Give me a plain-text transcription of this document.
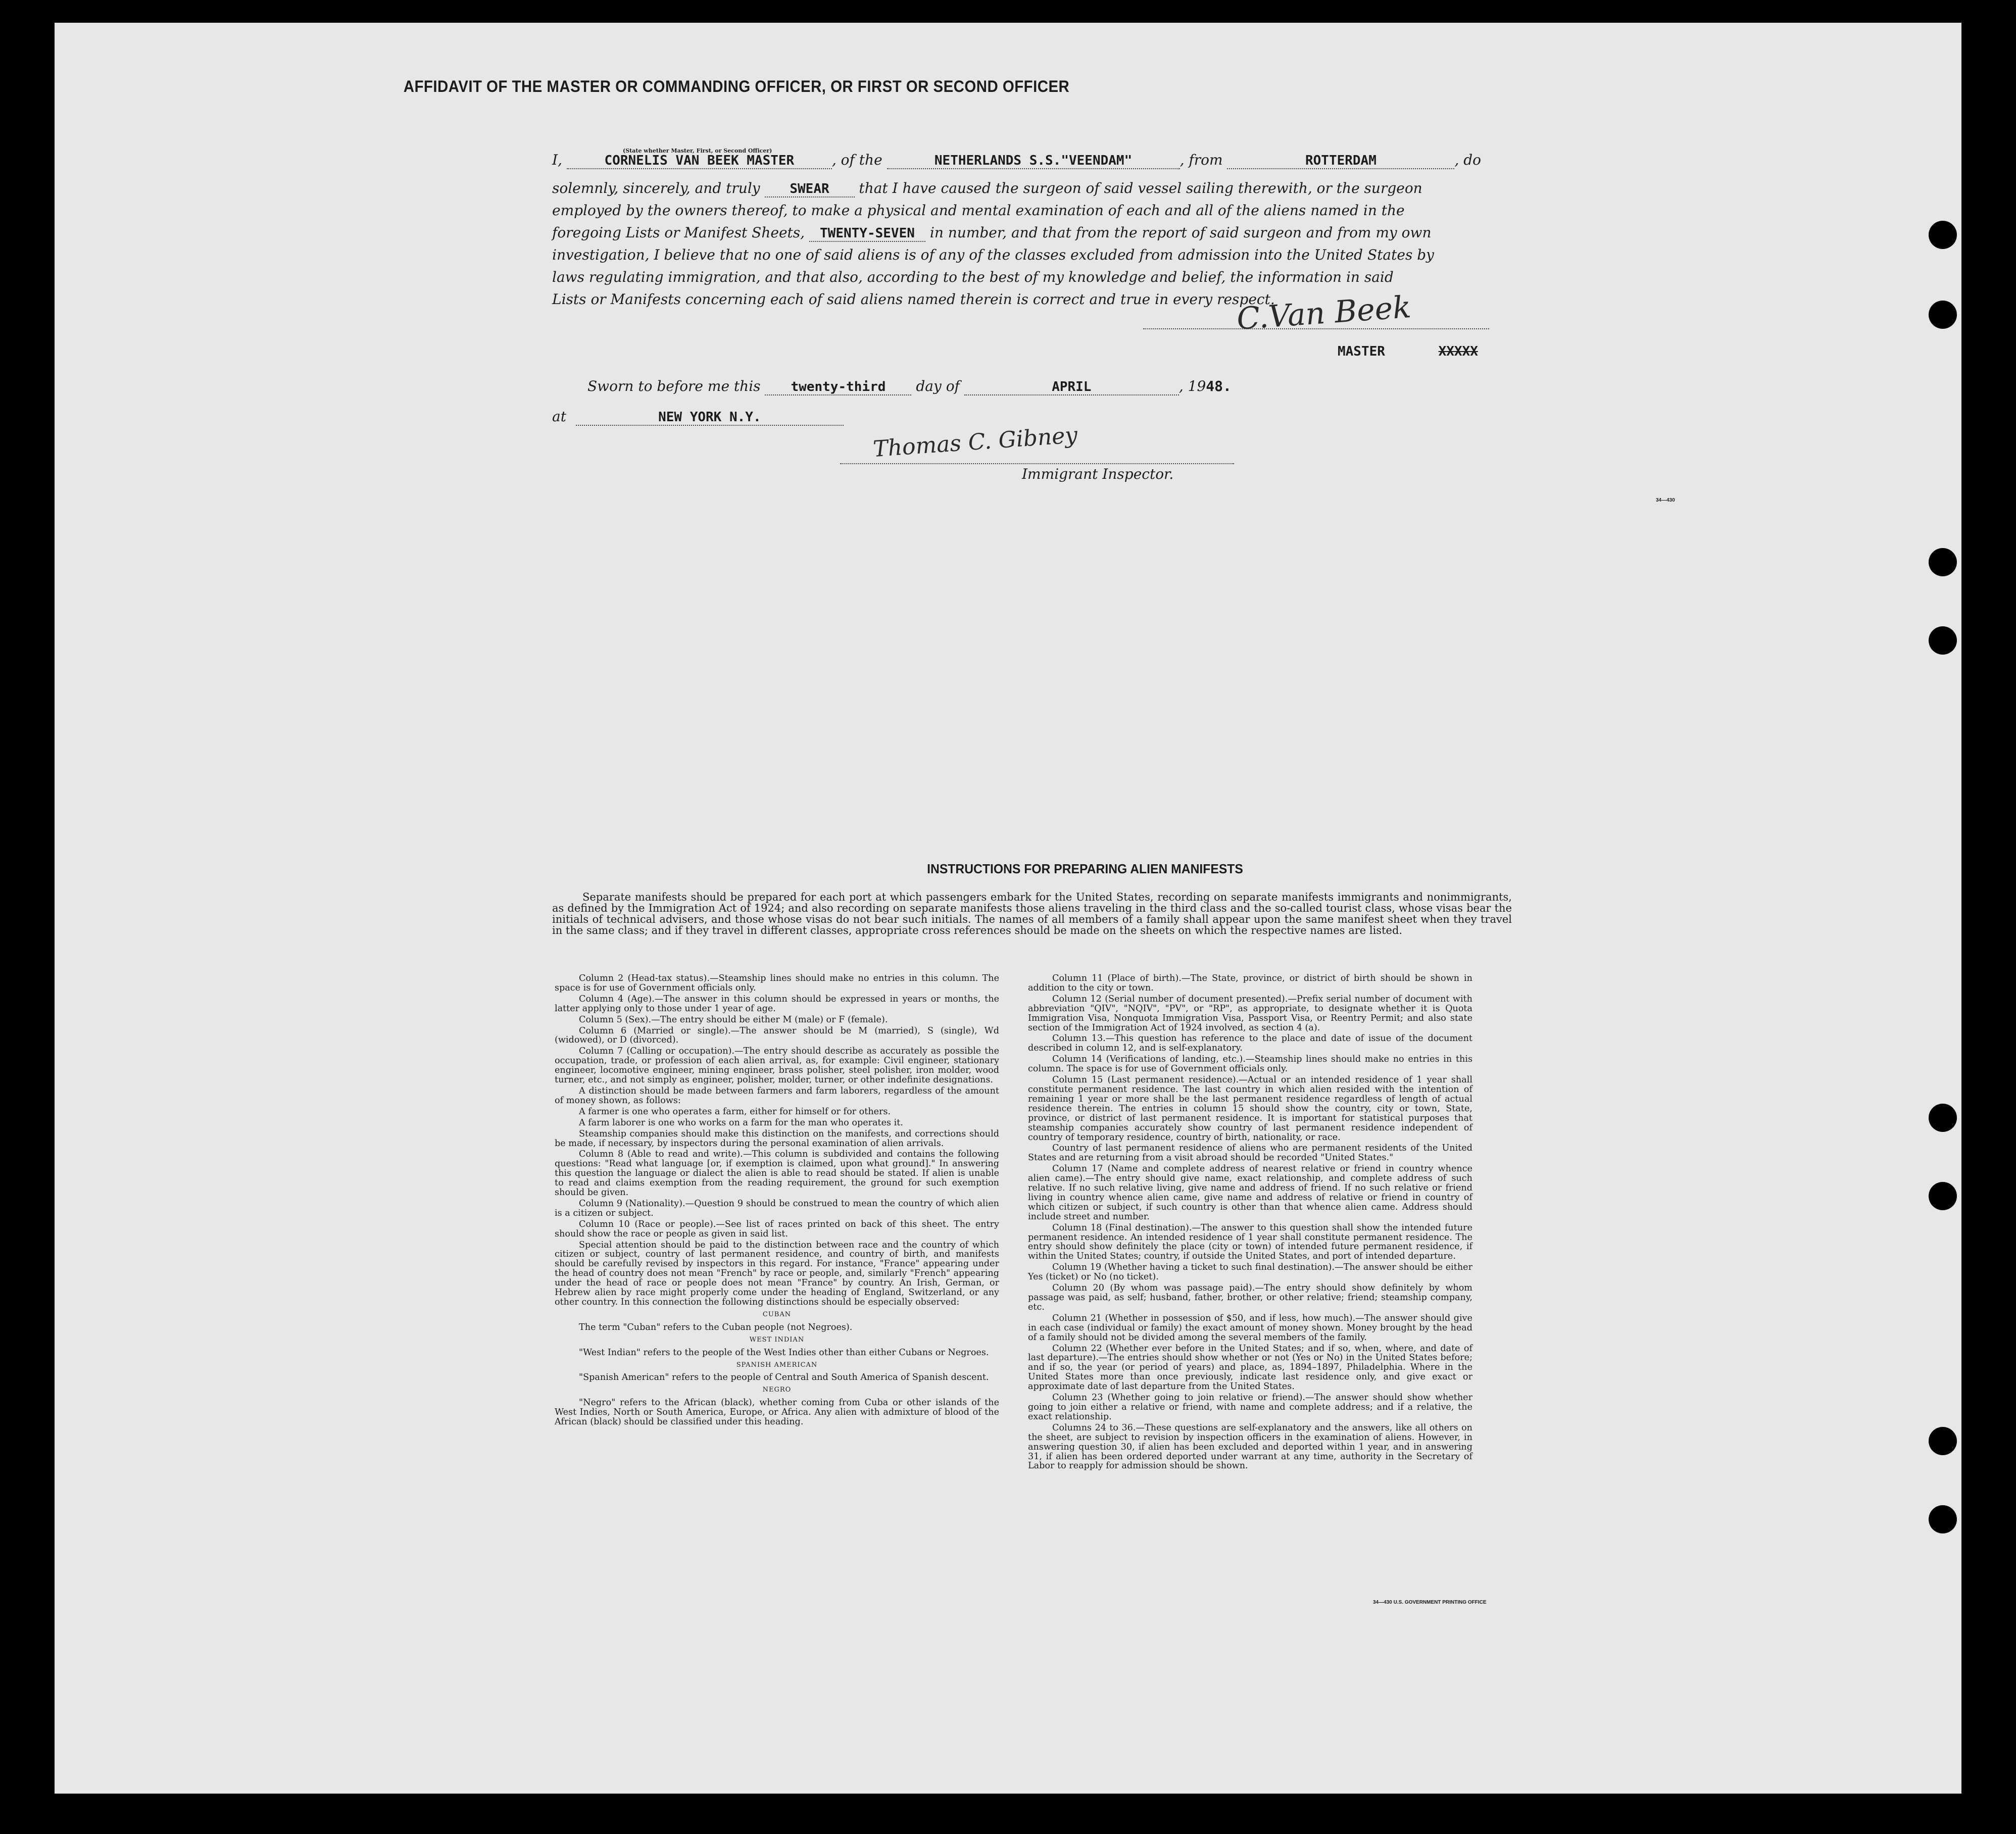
AFFIDAVIT OF THE MASTER OR COMMANDING OFFICER, OR FIRST OR SECOND OFFICER
I,	CORNELIS VAN BEEK MASTER	, of the	NETHERLANDS S.S."VEENDAM"	, from	ROTTERDAM	, do
(State whether Master, First, or Second Officer)
solemnly, sincerely, and truly SWEAR that I have caused the surgeon of said vessel sailing therewith, or the surgeon
employed by the owners thereof, to make a physical and mental examination of each and all of the aliens named in the
foregoing Lists or Manifest Sheets, TWENTY-SEVEN in number, and that from the report of said surgeon and from my own
investigation, I believe that no one of said aliens is of any of the classes excluded from admission into the United States by
laws regulating immigration, and that also, according to the best of my knowledge and belief, the information in said
Lists or Manifests concerning each of said aliens named therein is correct and true in every respect.
C.Van Beek
MASTER	XXXXX
Sworn to before me this twenty-third day of	APRIL	, 1948.
at	NEW YORK N.Y.
Thomas C. Gibney
Immigrant Inspector.
34—430
INSTRUCTIONS FOR PREPARING ALIEN MANIFESTS
Separate manifests should be prepared for each port at which passengers embark for the United States, recording on separate manifests immigrants and nonimmigrants, as defined by the Immigration Act of 1924; and also recording on separate manifests those aliens traveling in the third class and the so-called tourist class, whose visas bear the initials of technical advisers, and those whose visas do not bear such initials. The names of all members of a family shall appear upon the same manifest sheet when they travel in the same class; and if they travel in different classes, appropriate cross references should be made on the sheets on which the respective names are listed.

Column 2 (Head-tax status).—Steamship lines should make no entries in this column. The space is for use of Government officials only.

Column 4 (Age).—The answer in this column should be expressed in years or months, the latter applying only to those under 1 year of age.

Column 5 (Sex).—The entry should be either M (male) or F (female).

Column 6 (Married or single).—The answer should be M (married), S (single), Wd (widowed), or D (divorced).

Column 7 (Calling or occupation).—The entry should describe as accurately as possible the occupation, trade, or profession of each alien arrival, as, for example: Civil engineer, stationary engineer, locomotive engineer, mining engineer, brass polisher, steel polisher, iron molder, wood turner, etc., and not simply as engineer, polisher, molder, turner, or other indefinite designations.

A distinction should be made between farmers and farm laborers, regardless of the amount of money shown, as follows:

A farmer is one who operates a farm, either for himself or for others.

A farm laborer is one who works on a farm for the man who operates it.

Steamship companies should make this distinction on the manifests, and corrections should be made, if necessary, by inspectors during the personal examination of alien arrivals.

Column 8 (Able to read and write).—This column is subdivided and contains the following questions: "Read what language [or, if exemption is claimed, upon what ground]." In answering this question the language or dialect the alien is able to read should be stated. If alien is unable to read and claims exemption from the reading requirement, the ground for such exemption should be given.

Column 9 (Nationality).—Question 9 should be construed to mean the country of which alien is a citizen or subject.

Column 10 (Race or people).—See list of races printed on back of this sheet. The entry should show the race or people as given in said list.

Special attention should be paid to the distinction between race and the country of which citizen or subject, country of last permanent residence, and country of birth, and manifests should be carefully revised by inspectors in this regard. For instance, "France" appearing under the head of country does not mean "French" by race or people, and, similarly "French" appearing under the head of race or people does not mean "France" by country. An Irish, German, or Hebrew alien by race might properly come under the heading of England, Switzerland, or any other country. In this connection the following distinctions should be especially observed:

CUBAN

The term "Cuban" refers to the Cuban people (not Negroes).

WEST INDIAN

"West Indian" refers to the people of the West Indies other than either Cubans or Negroes.

SPANISH AMERICAN

"Spanish American" refers to the people of Central and South America of Spanish descent.

NEGRO

"Negro" refers to the African (black), whether coming from Cuba or other islands of the West Indies, North or South America, Europe, or Africa. Any alien with admixture of blood of the African (black) should be classified under this heading.

Column 11 (Place of birth).—The State, province, or district of birth should be shown in addition to the city or town.

Column 12 (Serial number of document presented).—Prefix serial number of document with abbreviation "QIV", "NQIV", "PV", or "RP", as appropriate, to designate whether it is Quota Immigration Visa, Nonquota Immigration Visa, Passport Visa, or Reentry Permit; and also state section of the Immigration Act of 1924 involved, as section 4 (a).

Column 13.—This question has reference to the place and date of issue of the document described in column 12, and is self-explanatory.

Column 14 (Verifications of landing, etc.).—Steamship lines should make no entries in this column. The space is for use of Government officials only.

Column 15 (Last permanent residence).—Actual or an intended residence of 1 year shall constitute permanent residence. The last country in which alien resided with the intention of remaining 1 year or more shall be the last permanent residence regardless of length of actual residence therein. The entries in column 15 should show the country, city or town, State, province, or district of last permanent residence. It is important for statistical purposes that steamship companies accurately show country of last permanent residence independent of country of temporary residence, country of birth, nationality, or race.

Country of last permanent residence of aliens who are permanent residents of the United States and are returning from a visit abroad should be recorded "United States."

Column 17 (Name and complete address of nearest relative or friend in country whence alien came).—The entry should give name, exact relationship, and complete address of such relative. If no such relative living, give name and address of friend. If no such relative or friend living in country whence alien came, give name and address of relative or friend in country of which citizen or subject, if such country is other than that whence alien came. Address should include street and number.

Column 18 (Final destination).—The answer to this question shall show the intended future permanent residence. An intended residence of 1 year shall constitute permanent residence. The entry should show definitely the place (city or town) of intended future permanent residence, if within the United States; country, if outside the United States, and port of intended departure.

Column 19 (Whether having a ticket to such final destination).—The answer should be either Yes (ticket) or No (no ticket).

Column 20 (By whom was passage paid).—The entry should show definitely by whom passage was paid, as self; husband, father, brother, or other relative; friend; steamship company, etc.

Column 21 (Whether in possession of $50, and if less, how much).—The answer should give in each case (individual or family) the exact amount of money shown. Money brought by the head of a family should not be divided among the several members of the family.

Column 22 (Whether ever before in the United States; and if so, when, where, and date of last departure).—The entries should show whether or not (Yes or No) in the United States before; and if so, the year (or period of years) and place, as, 1894–1897, Philadelphia. Where in the United States more than once previously, indicate last residence only, and give exact or approximate date of last departure from the United States.

Column 23 (Whether going to join relative or friend).—The answer should show whether going to join either a relative or friend, with name and complete address; and if a relative, the exact relationship.

Columns 24 to 36.—These questions are self-explanatory and the answers, like all others on the sheet, are subject to revision by inspection officers in the examination of aliens. However, in answering question 30, if alien has been excluded and deported within 1 year, and in answering 31, if alien has been ordered deported under warrant at any time, authority in the Secretary of Labor to reapply for admission should be shown.

34—430 U.S. GOVERNMENT PRINTING OFFICE
